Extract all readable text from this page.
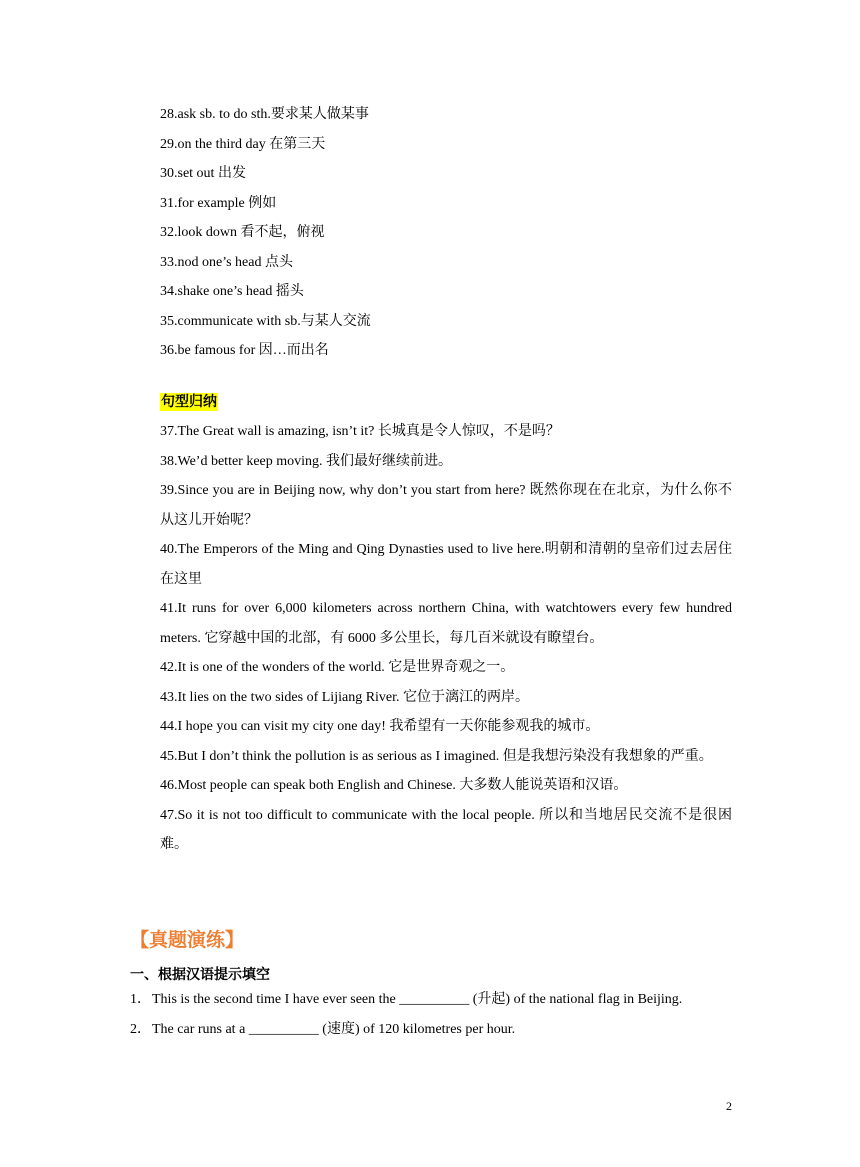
28.ask sb. to do sth.要求某人做某事
29.on the third day 在第三天
30.set out 出发
31.for example 例如
32.look down 看不起，俯视
33.nod one’s head 点头
34.shake one’s head 摇头
35.communicate with sb.与某人交流
36.be famous for 因…而出名
句型归纳
37.The Great wall is amazing, isn’t it? 长城真是令人惊叹，不是吗？
38.We’d better keep moving. 我们最好继续前进。
39.Since you are in Beijing now, why don’t you start from here? 既然你现在在北京，为什么你不从这儿开始呢？
40.The Emperors of the Ming and Qing Dynasties used to live here.明朝和清朝的皇帝们过去居住在这里
41.It runs for over 6,000 kilometers across northern China, with watchtowers every few hundred meters. 它穿越中国的北部，有 6000 多公里长，每几百米就设有瞭望台。
42.It is one of the wonders of the world. 它是世界奇观之一。
43.It lies on the two sides of Lijiang River. 它位于漓江的两岸。
44.I hope you can visit my city one day! 我希望有一天你能参观我的城市。
45.But I don’t think the pollution is as serious as I imagined. 但是我想污染没有我想象的严重。
46.Most people can speak both English and Chinese. 大多数人能说英语和汉语。
47.So it is not too difficult to communicate with the local people. 所以和当地居民交流不是很困难。
【真题演练】
一、根据汉语提示填空
1．This is the second time I have ever seen the __________ (升起) of the national flag in Beijing.
2．The car runs at a __________ (速度) of 120 kilometres per hour.
2
